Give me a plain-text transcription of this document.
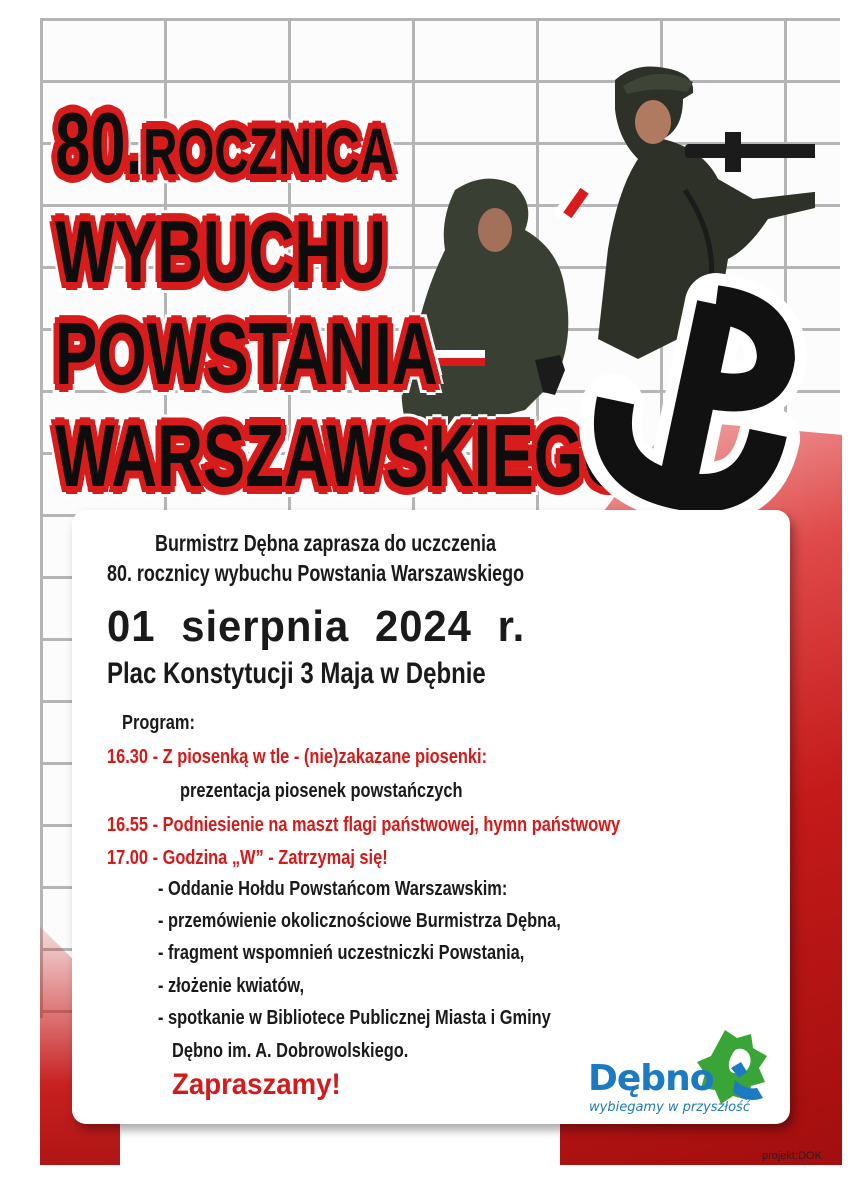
80.ROCZNICA
WYBUCHU
POWSTANIA
WARSZAWSKIEGO
Burmistrz Dębna zaprasza do uczczenia
80. rocznicy wybuchu Powstania Warszawskiego
01 sierpnia 2024 r.
Plac Konstytucji 3 Maja w Dębnie
Program:
16.30 - Z piosenką w tle - (nie)zakazane piosenki:
prezentacja piosenek powstańczych
16.55 - Podniesienie na maszt flagi państwowej, hymn państwowy
17.00 - Godzina „W” - Zatrzymaj się!
- Oddanie Hołdu Powstańcom Warszawskim:
- przemówienie okolicznościowe Burmistrza Dębna,
- fragment wspomnień uczestniczki Powstania,
- złożenie kwiatów,
- spotkanie w Bibliotece Publicznej Miasta i Gminy
Dębno im. A. Dobrowolskiego.
Zapraszamy!	Dębno
wybiegamy w przyszłość
projekt:DOK
